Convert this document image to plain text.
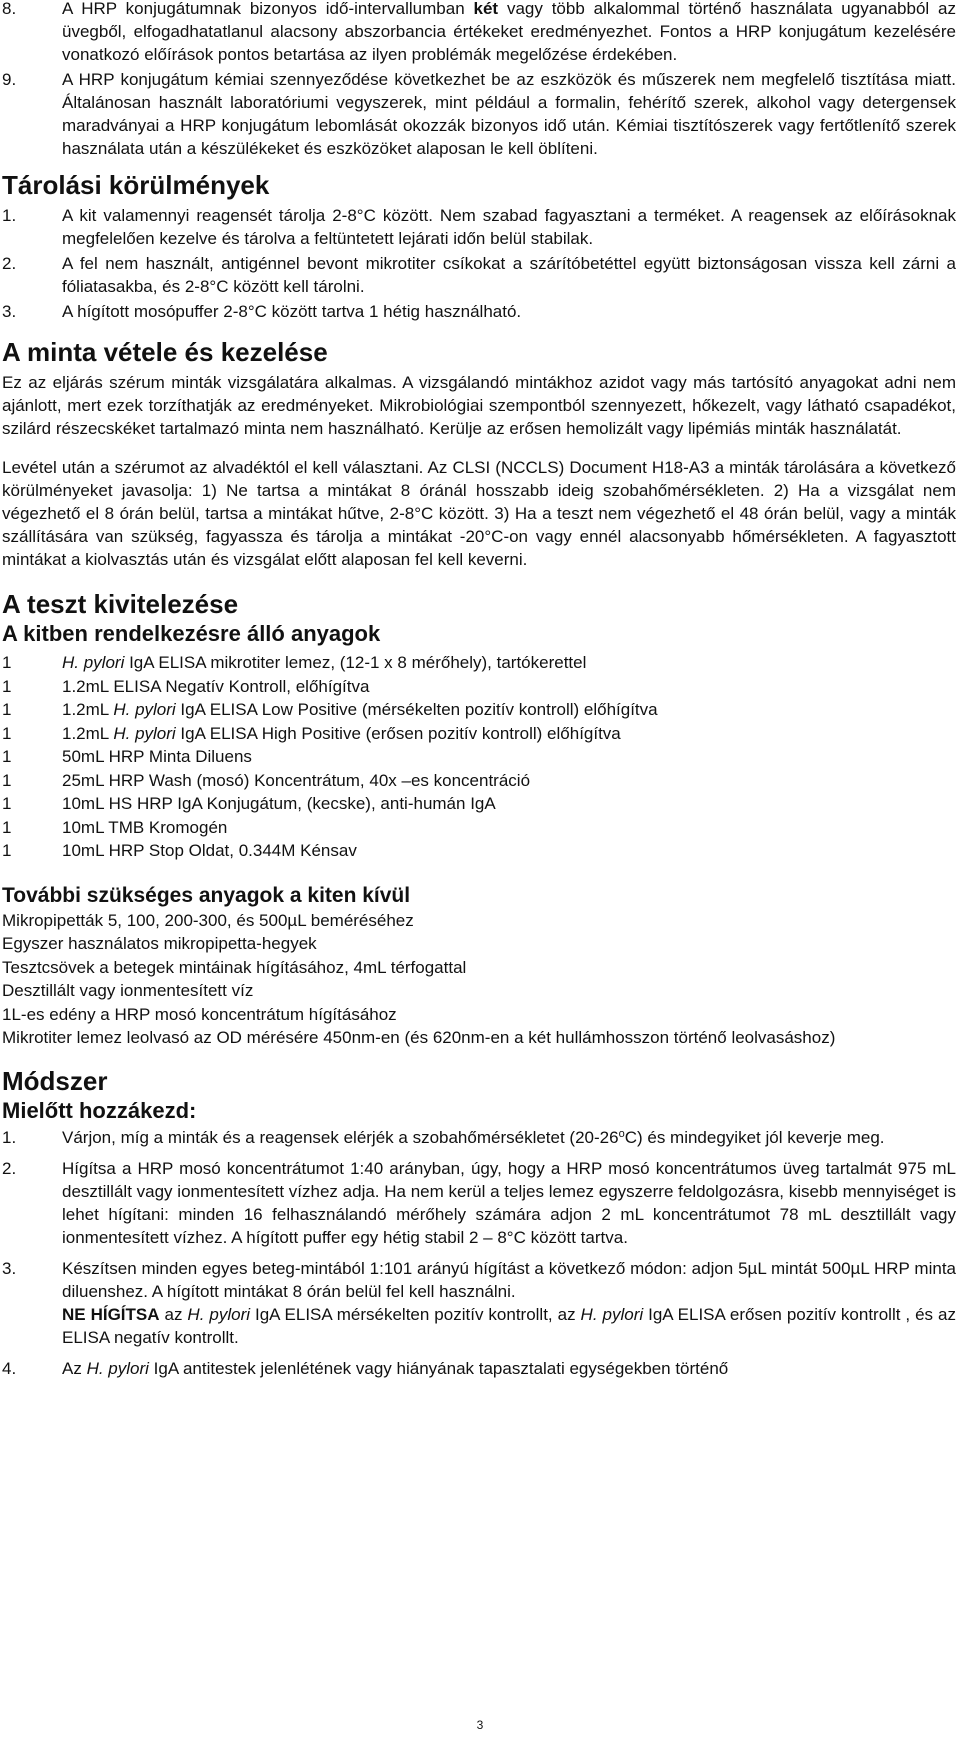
8.	A HRP konjugátumnak bizonyos idő-intervallumban két vagy több alkalommal történő használata ugyanabból az üvegből, elfogadhatatlanul alacsony abszorbancia értékeket eredményezhet. Fontos a HRP konjugátum kezelésére vonatkozó előírások pontos betartása az ilyen problémák megelőzése érdekében.
9.	A HRP konjugátum kémiai szennyeződése következhet be az eszközök és műszerek nem megfelelő tisztítása miatt. Általánosan használt laboratóriumi vegyszerek, mint például a formalin, fehérítő szerek, alkohol vagy detergensek maradványai a HRP konjugátum lebomlását okozzák bizonyos idő után. Kémiai tisztítószerek vagy fertőtlenítő szerek használata után a készülékeket és eszközöket alaposan le kell öblíteni.
Tárolási körülmények
1.	A kit valamennyi reagensét tárolja 2-8°C között. Nem szabad fagyasztani a terméket. A reagensek az előírásoknak megfelelően kezelve és tárolva a feltüntetett lejárati időn belül stabilak.
2.	A fel nem használt, antigénnel bevont mikrotiter csíkokat a szárítóbetéttel együtt biztonságosan vissza kell zárni a fóliatasakba, és 2-8°C között kell tárolni.
3.	A hígított mosópuffer 2-8°C között tartva 1 hétig használható.
A minta vétele és kezelése

Ez az eljárás szérum minták vizsgálatára alkalmas. A vizsgálandó mintákhoz azidot vagy más tartósító anyagokat adni nem ajánlott, mert ezek torzíthatják az eredményeket. Mikrobiológiai szempontból szennyezett, hőkezelt, vagy látható csapadékot, szilárd részecskéket tartalmazó minta nem használható. Kerülje az erősen hemolizált vagy lipémiás minták használatát.

Levétel után a szérumot az alvadéktól el kell választani. Az CLSI (NCCLS) Document H18-A3 a minták tárolására a következő körülményeket javasolja: 1) Ne tartsa a mintákat 8 óránál hosszabb ideig szobahőmérsékleten. 2) Ha a vizsgálat nem végezhető el 8 órán belül, tartsa a mintákat hűtve, 2-8°C között. 3) Ha a teszt nem végezhető el 48 órán belül, vagy a minták szállítására van szükség, fagyassza és tárolja a mintákat -20°C-on vagy ennél alacsonyabb hőmérsékleten. A fagyasztott mintákat a kiolvasztás után és vizsgálat előtt alaposan fel kell keverni.

A teszt kivitelezése
A kitben rendelkezésre álló anyagok
1	H. pylori IgA ELISA mikrotiter lemez, (12-1 x 8 mérőhely), tartókerettel
1	1.2mL ELISA Negatív Kontroll, előhígítva
1	1.2mL H. pylori IgA ELISA Low Positive (mérsékelten pozitív kontroll) előhígítva
1	1.2mL H. pylori IgA ELISA High Positive (erősen pozitív kontroll) előhígítva
1	50mL HRP Minta Diluens
1	25mL HRP Wash (mosó) Koncentrátum, 40x –es koncentráció
1	10mL HS HRP IgA Konjugátum, (kecske), anti-humán IgA
1	10mL TMB Kromogén
1	10mL HRP Stop Oldat, 0.344M Kénsav
További szükséges anyagok a kiten kívül
Mikropipetták 5, 100, 200-300, és 500µL beméréséhez
Egyszer használatos mikropipetta-hegyek
Tesztcsövek a betegek mintáinak hígításához, 4mL térfogattal
Desztillált vagy ionmentesített víz
1L-es edény a HRP mosó koncentrátum hígításához
Mikrotiter lemez leolvasó az OD mérésére 450nm-en (és 620nm-en a két hullámhosszon történő leolvasáshoz)
Módszer
Mielőtt hozzákezd:
1.	Várjon, míg a minták és a reagensek elérjék a szobahőmérsékletet (20-26$^o$C) és mindegyiket jól keverje meg.
2.	Hígítsa a HRP mosó koncentrátumot 1:40 arányban, úgy, hogy a HRP mosó koncentrátumos üveg tartalmát 975 mL desztillált vagy ionmentesített vízhez adja. Ha nem kerül a teljes lemez egyszerre feldolgozásra, kisebb mennyiséget is lehet hígítani: minden 16 felhasználandó mérőhely számára adjon 2 mL koncentrátumot 78 mL desztillált vagy ionmentesített vízhez. A hígított puffer egy hétig stabil 2 – 8°C között tartva.
3.	Készítsen minden egyes beteg-mintából 1:101 arányú hígítást a következő módon: adjon 5µL mintát 500µL HRP minta diluenshez. A hígított mintákat 8 órán belül fel kell használni.
NE HÍGÍTSA az H. pylori IgA ELISA mérsékelten pozitív kontrollt, az H. pylori IgA ELISA erősen pozitív kontrollt , és az ELISA negatív kontrollt.
4.	Az H. pylori IgA antitestek jelenlétének vagy hiányának tapasztalati egységekben történő
3
